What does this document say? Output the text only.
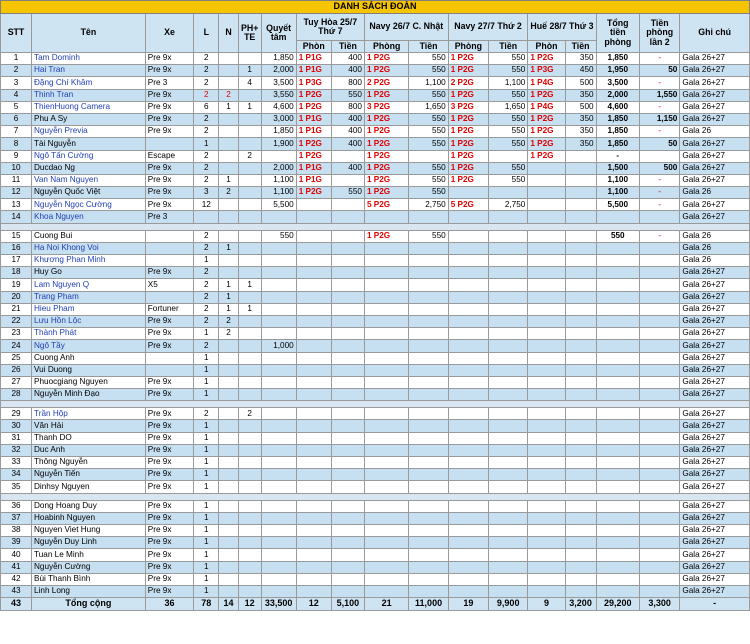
DANH SÁCH ĐOÀN																	
STT	Tên	Xe	L	N	PH+ TE	Quyết tâm	Tuy Hòa 25/7 Thứ 7		Navy 26/7 C. Nhật		Navy 27/7 Thứ 2		Huế 28/7 Thứ 3		Tổng tiền phòng	Tiền phòng lần 2	Ghi chú
							Phòn	Tiền	Phòng	Tiền	Phòng	Tiền	Phòn	Tiền			
1	Tam Dominh	Pre 9x	2			1,850	1 P1G	400	1 P2G	550	1 P2G	550	1 P2G	350	1,850	-	Gala 26+27
2	Hai Tran	Pre 9x	2		1	2,000	1 P1G	400	1 P2G	550	1 P2G	550	1 P3G	450	1,950	50	Gala 26+27
3	Đặng Chí Khâm	Pre 3	2		4	3,500	1 P3G	800	2 P2G	1,100	2 P2G	1,100	1 P4G	500	3,500	-	Gala 26+27
4	Thinh Tran	Pre 9x	2	2		3,550	1 P2G	550	1 P2G	550	1 P2G	550	1 P2G	350	2,000	1,550	Gala 26+27
5	ThienHuong Camera	Pre 9x	6	1	1	4,600	1 P2G	800	3 P2G	1,650	3 P2G	1,650	1 P4G	500	4,600	-	Gala 26+27
6	Phu A Sy	Pre 9x	2			3,000	1 P1G	400	1 P2G	550	1 P2G	550	1 P2G	350	1,850	1,150	Gala 26+27
7	Nguyễn Previa	Pre 9x	2			1,850	1 P1G	400	1 P2G	550	1 P2G	550	1 P2G	350	1,850	-	Gala 26
8	Tài Nguyễn		1			1,900	1 P2G	400	1 P2G	550	1 P2G	550	1 P2G	350	1,850	50	Gala 26+27
9	Ngô Tấn Cường	Escape	2		2		1 P2G		1 P2G		1 P2G		1 P2G		-		Gala 26+27
10	Ducdao Ng	Pre 9x	2			2,000	1 P1G	400	1 P2G	550	1 P2G	550			1,500	500	Gala 26+27
11	Van Nam Nguyen	Pre 9x	2	1		1,100	1 P1G		1 P2G	550	1 P2G	550			1,100	-	Gala 26+27
12	Nguyễn Quốc Việt	Pre 9x	3	2		1,100	1 P2G	550	1 P2G	550					1,100	-	Gala 26
13	Nguyễn Ngọc Cường	Pre 9x	12			5,500			5 P2G	2,750	5 P2G	2,750			5,500	-	Gala 26+27
14	Khoa Nguyen	Pre 3															Gala 26+27

15	Cuong Bui		2			550			1 P2G	550					550	-	Gala 26
16	Ha Noi Khong Voi		2	1													Gala 26
17	Khương Phan Minh		1														Gala 26
18	Huy Go	Pre 9x	2														Gala 26+27
19	Lam Nguyen Q	X5	2	1	1												Gala 26+27
20	Trang Pham		2	1													Gala 26+27
21	Hieu Pham	Fortuner	2	1	1												Gala 26+27
22	Lưu Hồn Lộc	Pre 9x	2	2													Gala 26+27
23	Thành Phát	Pre 9x	1	2													Gala 26+27
24	Ngô Tầy	Pre 9x	2			1,000											Gala 26+27
25	Cuong Anh		1														Gala 26+27
26	Vui Duong		1														Gala 26+27
27	Phuocgiang Nguyen	Pre 9x	1														Gala 26+27
28	Nguyễn Minh Đạo	Pre 9x	1														Gala 26+27

29	Trần Hộp	Pre 9x	2		2												Gala 26+27
30	Văn Hải	Pre 9x	1														Gala 26+27
31	Thanh DO	Pre 9x	1														Gala 26+27
32	Duc Anh	Pre 9x	1														Gala 26+27
33	Thông Nguyễn	Pre 9x	1														Gala 26+27
34	Nguyễn Tiến	Pre 9x	1														Gala 26+27
35	Dinhsy Nguyen	Pre 9x	1														Gala 26+27

36	Dong Hoang Duy	Pre 9x	1														Gala 26+27
37	Hoabinh Nguyen	Pre 9x	1														Gala 26+27
38	Nguyen Viet Hung	Pre 9x	1														Gala 26+27
39	Nguyễn Duy Linh	Pre 9x	1														Gala 26+27
40	Tuan Le Minh	Pre 9x	1														Gala 26+27
41	Nguyễn Cường	Pre 9x	1														Gala 26+27
42	Bùi Thanh Bình	Pre 9x	1														Gala 26+27
43	Linh Long	Pre 9x	1														Gala 26+27
43	Tổng cộng	36	78	14	12	33,500	12	5,100	21	11,000	19	9,900	9	3,200	29,200	3,300	-
